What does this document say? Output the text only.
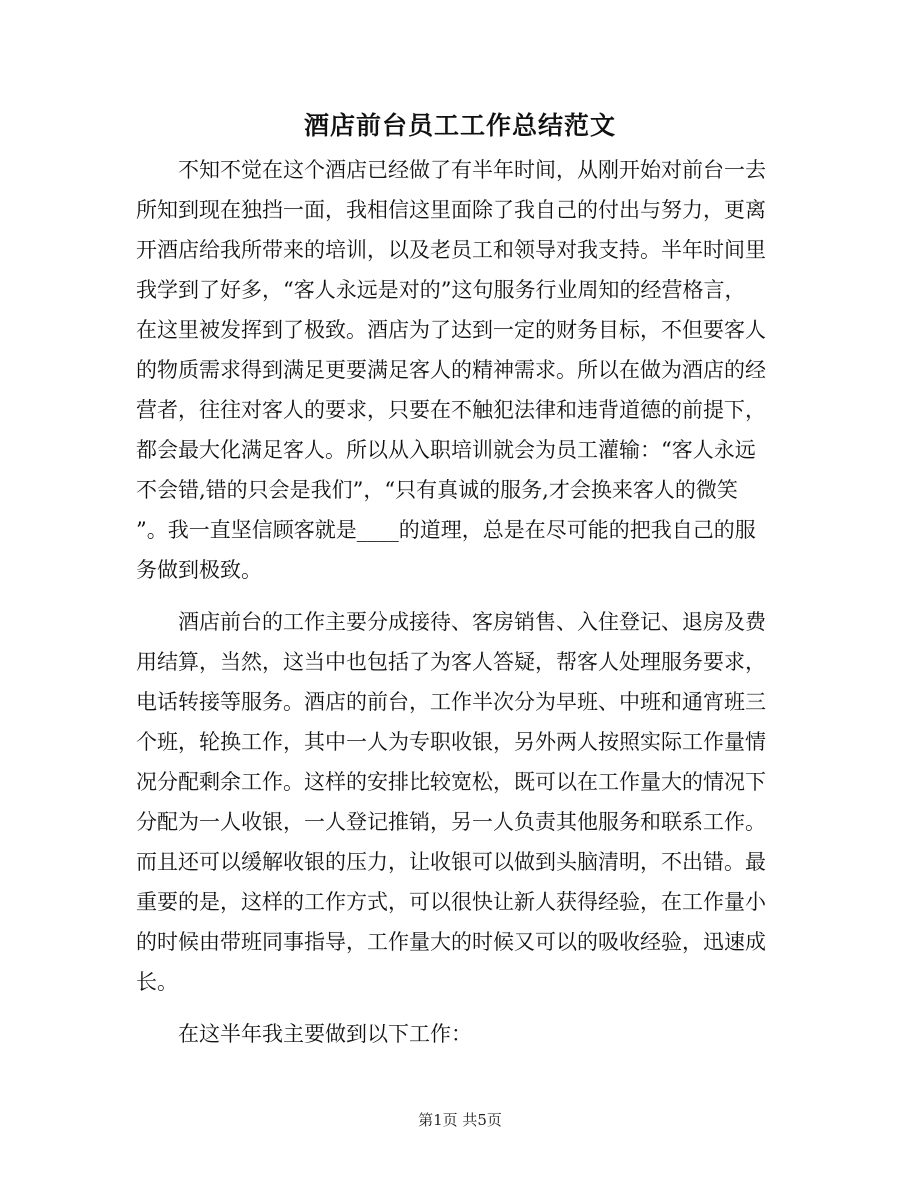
酒店前台员工工作总结范文

不知不觉在这个酒店已经做了有半年时间，从刚开始对前台一去
所知到现在独挡一面，我相信这里面除了我自己的付出与努力，更离
开酒店给我所带来的培训，以及老员工和领导对我支持。半年时间里
我学到了好多，“客人永远是对的”这句服务行业周知的经营格言，
在这里被发挥到了极致。酒店为了达到一定的财务目标，不但要客人
的物质需求得到满足更要满足客人的精神需求。所以在做为酒店的经
营者，往往对客人的要求，只要在不触犯法律和违背道德的前提下，
都会最大化满足客人。所以从入职培训就会为员工灌输：“客人永远
不会错,错的只会是我们”，“只有真诚的服务,才会换来客人的微笑
”。我一直坚信顾客就是____的道理，总是在尽可能的把我自己的服
务做到极致。

酒店前台的工作主要分成接待、客房销售、入住登记、退房及费
用结算，当然，这当中也包括了为客人答疑，帮客人处理服务要求，
电话转接等服务。酒店的前台，工作半次分为早班、中班和通宵班三
个班，轮换工作，其中一人为专职收银，另外两人按照实际工作量情
况分配剩余工作。这样的安排比较宽松，既可以在工作量大的情况下
分配为一人收银，一人登记推销，另一人负责其他服务和联系工作。
而且还可以缓解收银的压力，让收银可以做到头脑清明，不出错。最
重要的是，这样的工作方式，可以很快让新人获得经验，在工作量小
的时候由带班同事指导，工作量大的时候又可以的吸收经验，迅速成
长。

在这半年我主要做到以下工作：

第1页 共5页
